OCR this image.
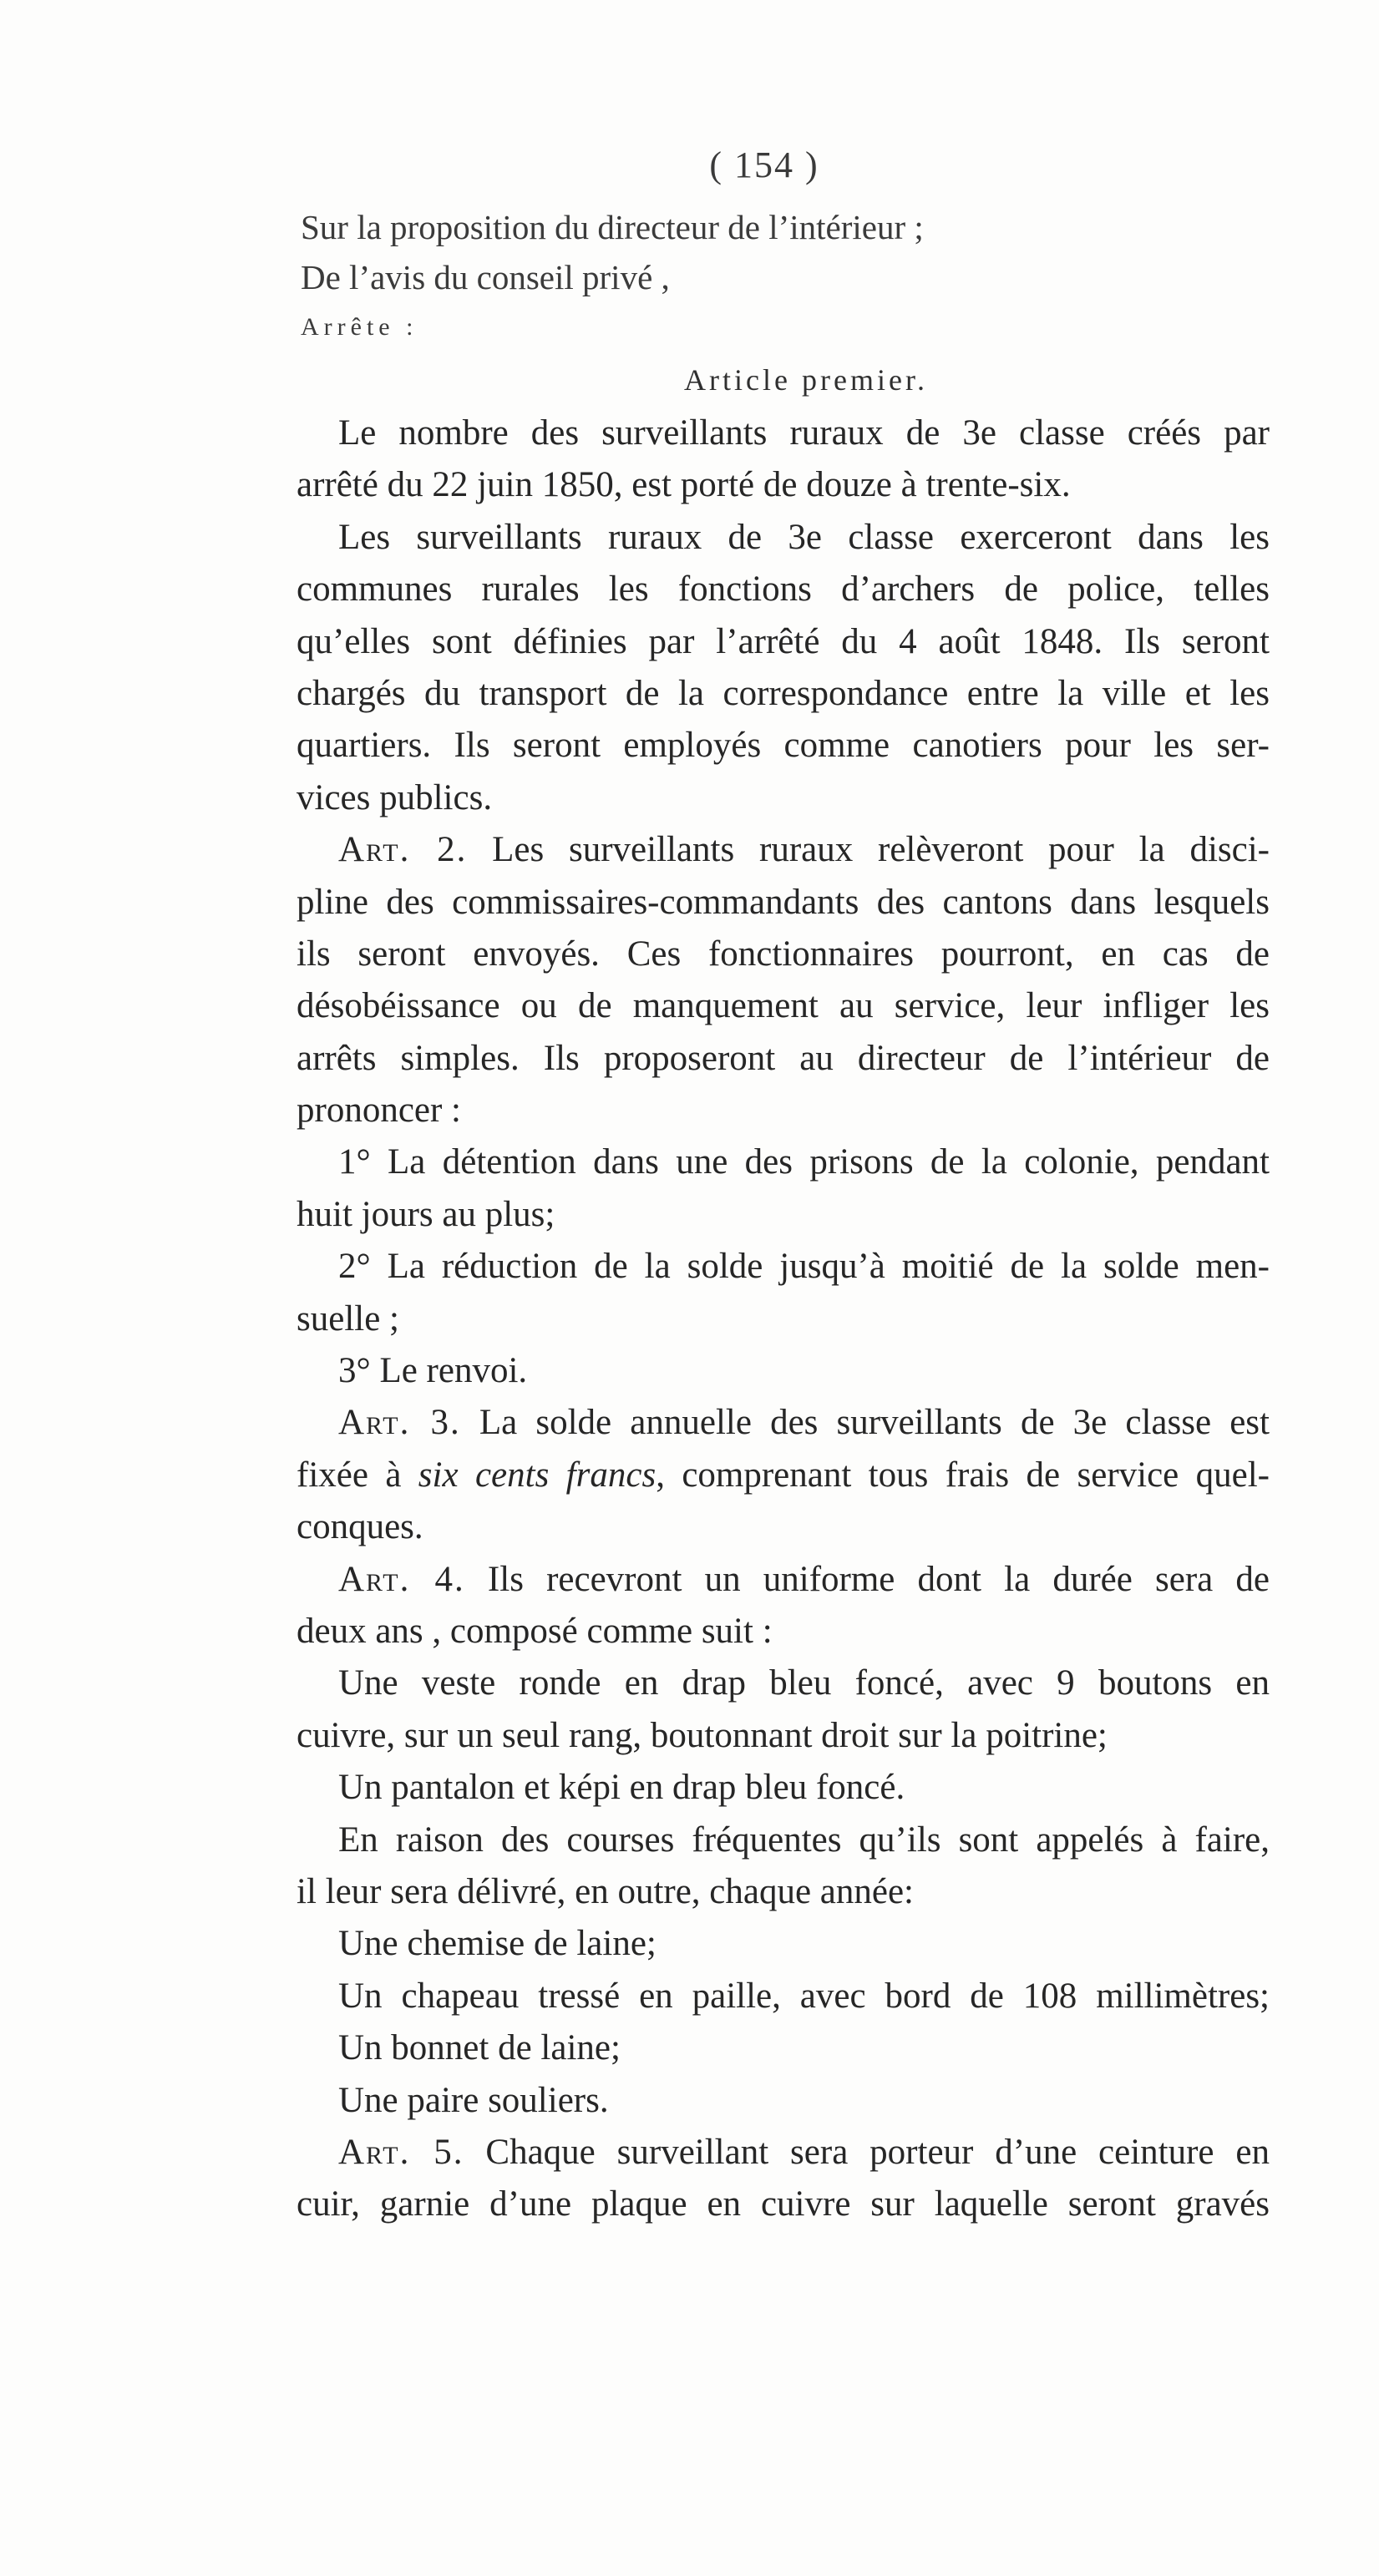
( 154 )
Sur la proposition du directeur de l’intérieur ;
De l’avis du conseil privé ,
Arrête :
Article premier.
Le nombre des surveillants ruraux de 3e classe créés par
arrêté du 22 juin 1850, est porté de douze à trente-six.
Les surveillants ruraux de 3e classe exerceront dans les
communes rurales les fonctions d’archers de police, telles
qu’elles sont définies par l’arrêté du 4 août 1848. Ils seront
chargés du transport de la correspondance entre la ville et les
quartiers. Ils seront employés comme canotiers pour les ser-
vices publics.
Art. 2. Les surveillants ruraux relèveront pour la disci-
pline des commissaires-commandants des cantons dans lesquels
ils seront envoyés. Ces fonctionnaires pourront, en cas de
désobéissance ou de manquement au service, leur infliger les
arrêts simples. Ils proposeront au directeur de l’intérieur de
prononcer :
1° La détention dans une des prisons de la colonie, pendant
huit jours au plus;
2° La réduction de la solde jusqu’à moitié de la solde men-
suelle ;
3° Le renvoi.
Art. 3. La solde annuelle des surveillants de 3e classe est
fixée à six cents francs, comprenant tous frais de service quel-
conques.
Art. 4. Ils recevront un uniforme dont la durée sera de
deux ans , composé comme suit :
Une veste ronde en drap bleu foncé, avec 9 boutons en
cuivre, sur un seul rang, boutonnant droit sur la poitrine;
Un pantalon et képi en drap bleu foncé.
En raison des courses fréquentes qu’ils sont appelés à faire,
il leur sera délivré, en outre, chaque année:
Une chemise de laine;
Un chapeau tressé en paille, avec bord de 108 millimètres;
Un bonnet de laine;
Une paire souliers.
Art. 5. Chaque surveillant sera porteur d’une ceinture en
cuir, garnie d’une plaque en cuivre sur laquelle seront gravés
